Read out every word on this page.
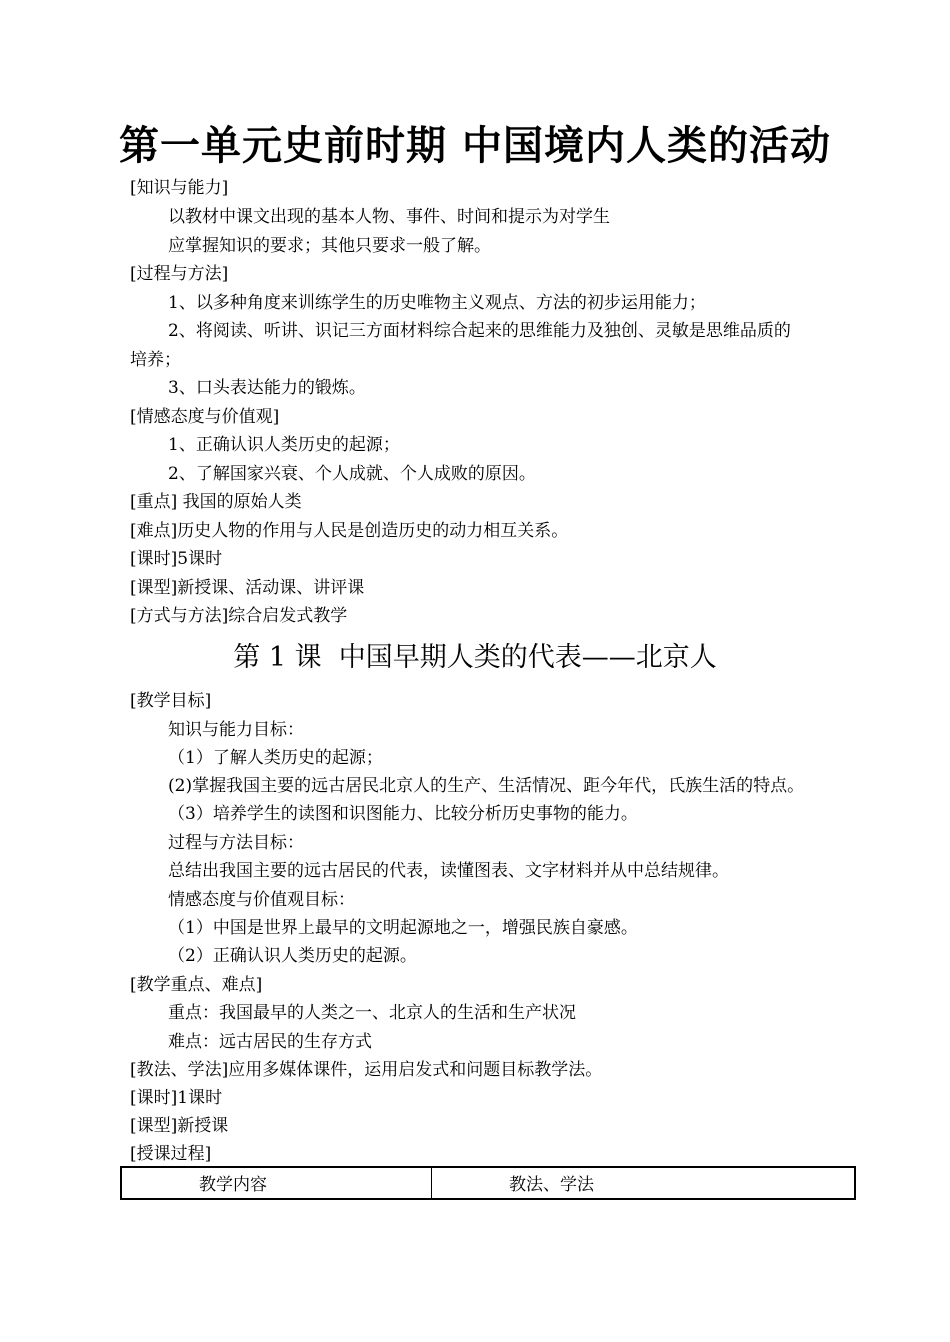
第一单元史前时期 中国境内人类的活动
[知识与能力]
以教材中课文出现的基本人物、事件、时间和提示为对学生
应掌握知识的要求；其他只要求一般了解。
[过程与方法]
1、以多种角度来训练学生的历史唯物主义观点、方法的初步运用能力；
2、将阅读、听讲、识记三方面材料综合起来的思维能力及独创、灵敏是思维品质的
培养；
3、口头表达能力的锻炼。
[情感态度与价值观]
1、正确认识人类历史的起源；
2、了解国家兴衰、个人成就、个人成败的原因。
[重点] 我国的原始人类
[难点]历史人物的作用与人民是创造历史的动力相互关系。
[课时]5课时
[课型]新授课、活动课、讲评课
[方式与方法]综合启发式教学
第 1 课  中国早期人类的代表——北京人
[教学目标]
知识与能力目标：
（1）了解人类历史的起源；
(2)掌握我国主要的远古居民北京人的生产、生活情况、距今年代，氏族生活的特点。
（3）培养学生的读图和识图能力、比较分析历史事物的能力。
过程与方法目标：
总结出我国主要的远古居民的代表，读懂图表、文字材料并从中总结规律。
情感态度与价值观目标：
（1）中国是世界上最早的文明起源地之一，增强民族自豪感。
（2）正确认识人类历史的起源。
[教学重点、难点]
重点：我国最早的人类之一、北京人的生活和生产状况
难点：远古居民的生存方式
[教法、学法]应用多媒体课件，运用启发式和问题目标教学法。
[课时]1课时
[课型]新授课
[授课过程]
教学内容	教法、学法
